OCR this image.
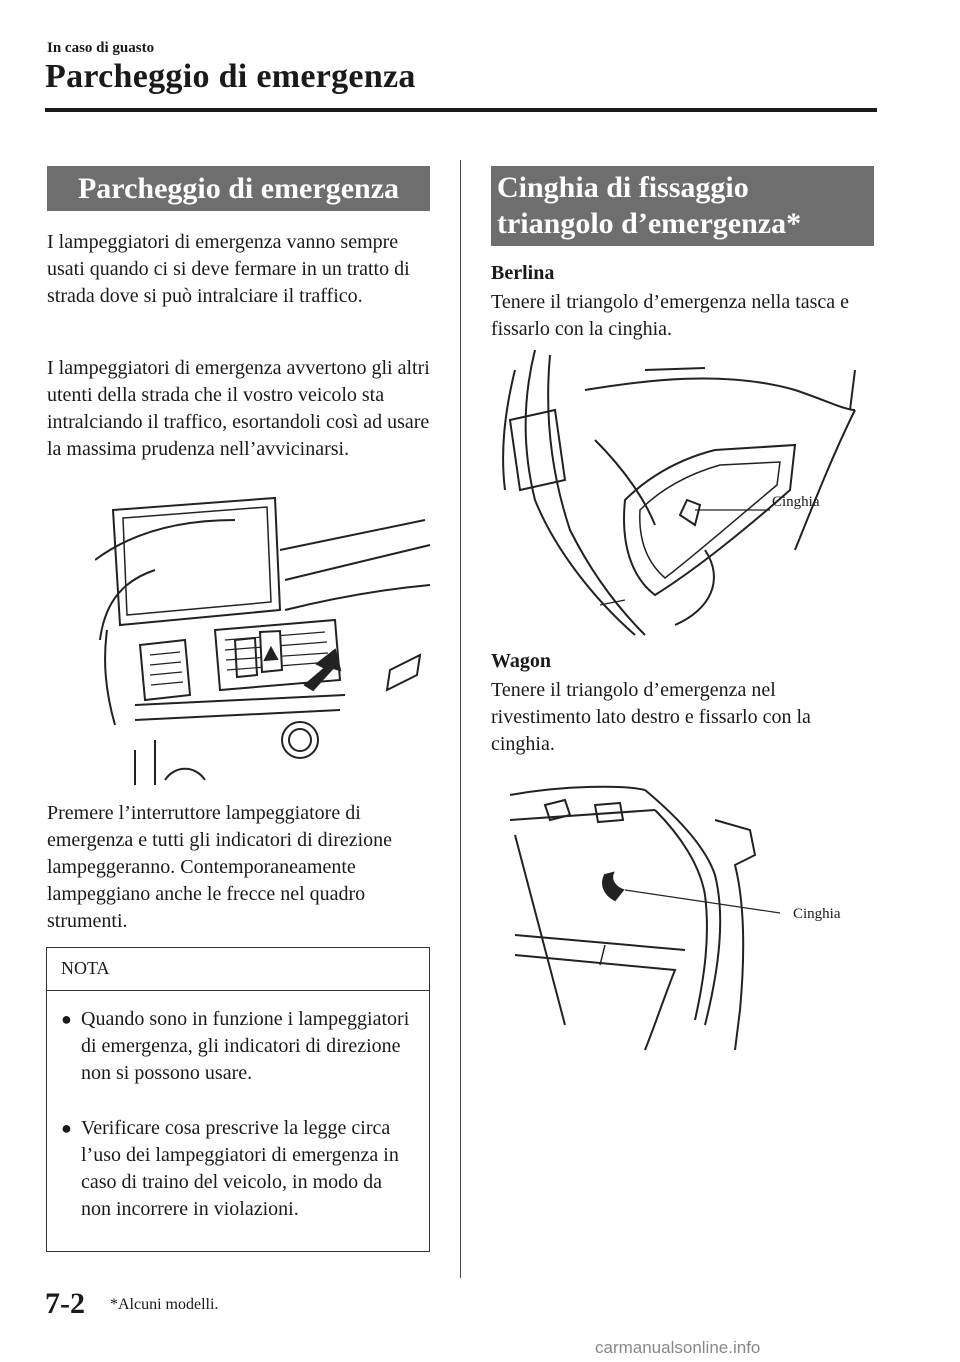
In caso di guasto
Parcheggio di emergenza
Parcheggio di emergenza
I lampeggiatori di emergenza vanno sempre usati quando ci si deve fermare in un tratto di strada dove si può intralciare il traffico.
I lampeggiatori di emergenza avvertono gli altri utenti della strada che il vostro veicolo sta intralciando il traffico, esortandoli così ad usare la massima prudenza nell’avvicinarsi.
Premere l’interruttore lampeggiatore di emergenza e tutti gli indicatori di direzione lampeggeranno. Contemporaneamente lampeggiano anche le frecce nel quadro strumenti.
NOTA
● Quando sono in funzione i lampeggiatori di emergenza, gli indicatori di direzione non si possono usare.
● Verificare cosa prescrive la legge circa l’uso dei lampeggiatori di emergenza in caso di traino del veicolo, in modo da non incorrere in violazioni.
Cinghia di fissaggio
triangolo d’emergenza*
Berlina
Tenere il triangolo d’emergenza nella tasca e fissarlo con la cinghia.
Cinghia
Wagon
Tenere il triangolo d’emergenza nel rivestimento lato destro e fissarlo con la cinghia.
Cinghia
7-2 *Alcuni modelli.
carmanualsonline.info
